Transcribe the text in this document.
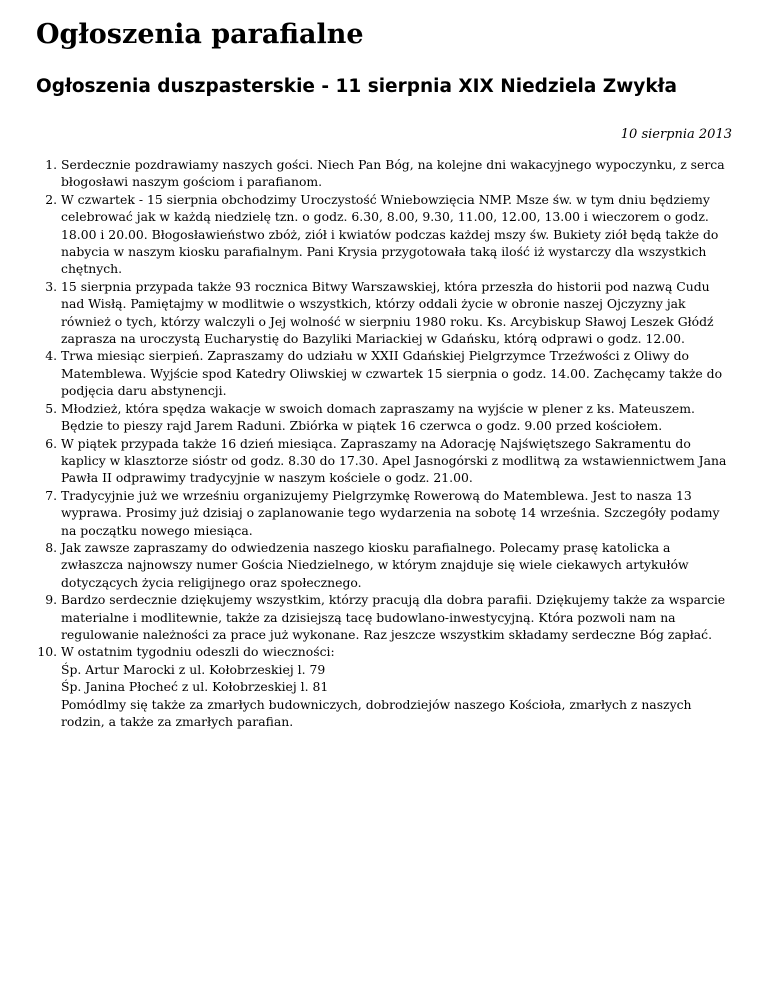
Ogłoszenia parafialne
Ogłoszenia duszpasterskie - 11 sierpnia XIX Niedziela Zwykła
10 sierpnia 2013
1. Serdecznie pozdrawiamy naszych gości. Niech Pan Bóg, na kolejne dni wakacyjnego wypoczynku, z serca błogosławi naszym gościom i parafianom.
2. W czwartek - 15 sierpnia obchodzimy Uroczystość Wniebowzięcia NMP. Msze św. w tym dniu będziemy celebrować jak w każdą niedzielę tzn. o godz. 6.30, 8.00, 9.30, 11.00, 12.00, 13.00 i wieczorem o godz. 18.00 i 20.00. Błogosławieństwo zbóż, ziół i kwiatów podczas każdej mszy św. Bukiety ziół będą także do nabycia w naszym kiosku parafialnym. Pani Krysia przygotowała taką ilość iż wystarczy dla wszystkich chętnych.
3. 15 sierpnia przypada także 93 rocznica Bitwy Warszawskiej, która przeszła do historii pod nazwą Cudu nad Wisłą. Pamiętajmy w modlitwie o wszystkich, którzy oddali życie w obronie naszej Ojczyzny jak również o tych, którzy walczyli o Jej wolność w sierpniu 1980 roku. Ks. Arcybiskup Sławoj Leszek Głódź zaprasza na uroczystą Eucharystię do Bazyliki Mariackiej w Gdańsku, którą odprawi o godz. 12.00.
4. Trwa miesiąc sierpień. Zapraszamy do udziału w XXII Gdańskiej Pielgrzymce Trzeźwości z Oliwy do Matemblewa. Wyjście spod Katedry Oliwskiej w czwartek 15 sierpnia o godz. 14.00. Zachęcamy także do podjęcia daru abstynencji.
5. Młodzież, która spędza wakacje w swoich domach zapraszamy na wyjście w plener z ks. Mateuszem. Będzie to pieszy rajd Jarem Raduni. Zbiórka w piątek 16 czerwca o godz. 9.00 przed kościołem.
6. W piątek przypada także 16 dzień miesiąca. Zapraszamy na Adorację Najświętszego Sakramentu do kaplicy w klasztorze sióstr od godz. 8.30 do 17.30. Apel Jasnogórski z modlitwą za wstawiennictwem Jana Pawła II odprawimy tradycyjnie w naszym kościele o godz. 21.00.
7. Tradycyjnie już we wrześniu organizujemy Pielgrzymkę Rowerową do Matemblewa. Jest to nasza 13 wyprawa. Prosimy już dzisiaj o zaplanowanie tego wydarzenia na sobotę 14 września. Szczegóły podamy na początku nowego miesiąca.
8. Jak zawsze zapraszamy do odwiedzenia naszego kiosku parafialnego. Polecamy prasę katolicka a zwłaszcza najnowszy numer Gościa Niedzielnego, w którym znajduje się wiele ciekawych artykułów dotyczących życia religijnego oraz społecznego.
9. Bardzo serdecznie dziękujemy wszystkim, którzy pracują dla dobra parafii. Dziękujemy także za wsparcie materialne i modlitewnie, także za dzisiejszą tacę budowlano-inwestycyjną. Która pozwoli nam na regulowanie należności za prace już wykonane. Raz jeszcze wszystkim składamy serdeczne Bóg zapłać.
10. W ostatnim tygodniu odeszli do wieczności:
Śp. Artur Marocki z ul. Kołobrzeskiej l. 79
Śp. Janina Płocheć z ul. Kołobrzeskiej l. 81
Pomódlmy się także za zmarłych budowniczych, dobrodziejów naszego Kościoła, zmarłych z naszych rodzin, a także za zmarłych parafian.
